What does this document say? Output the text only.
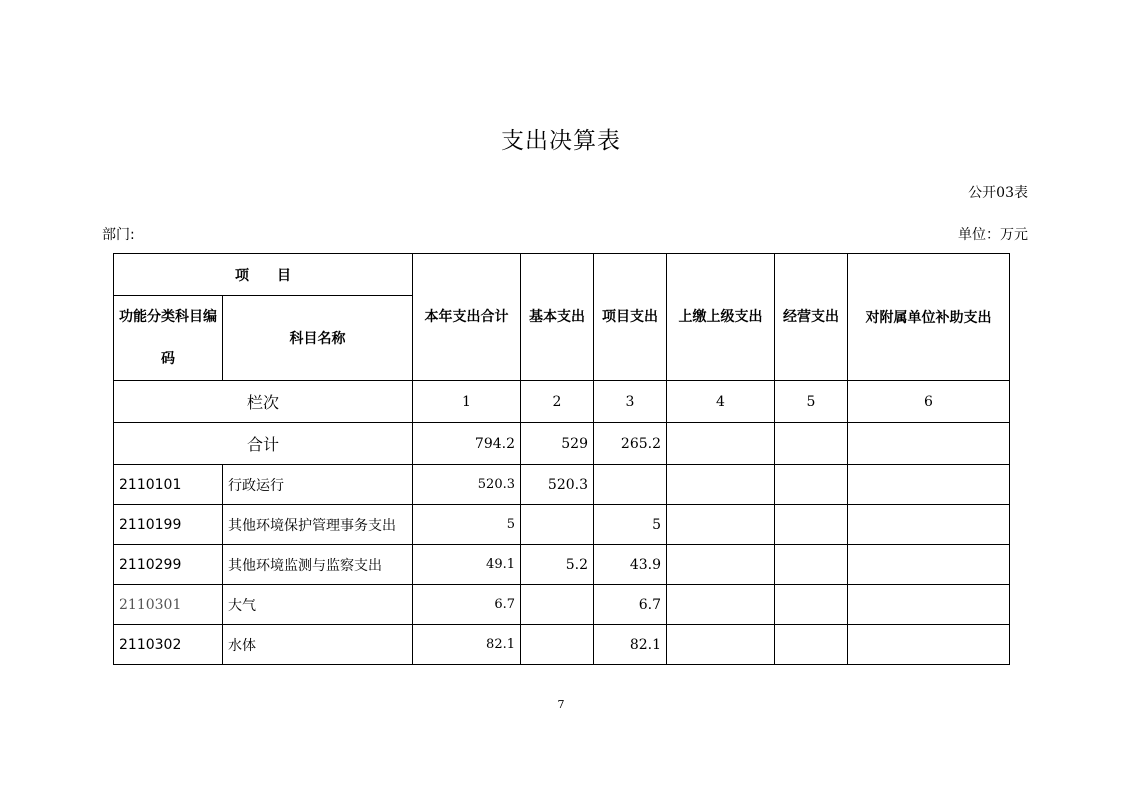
支出决算表
公开03表
部门:	单位：万元
项　　目		本年支出合计	基本支出	项目支出	上缴上级支出	经营支出	对附属单位补助支出
功能分类科目编码	科目名称						
栏次		1	2	3	4	5	6
合计		794.2	529	265.2			
2110101	行政运行	520.3	520.3				
2110199	其他环境保护管理事务支出	5		5			
2110299	其他环境监测与监察支出	49.1	5.2	43.9			
2110301	大气	6.7		6.7			
2110302	水体	82.1		82.1			
7
